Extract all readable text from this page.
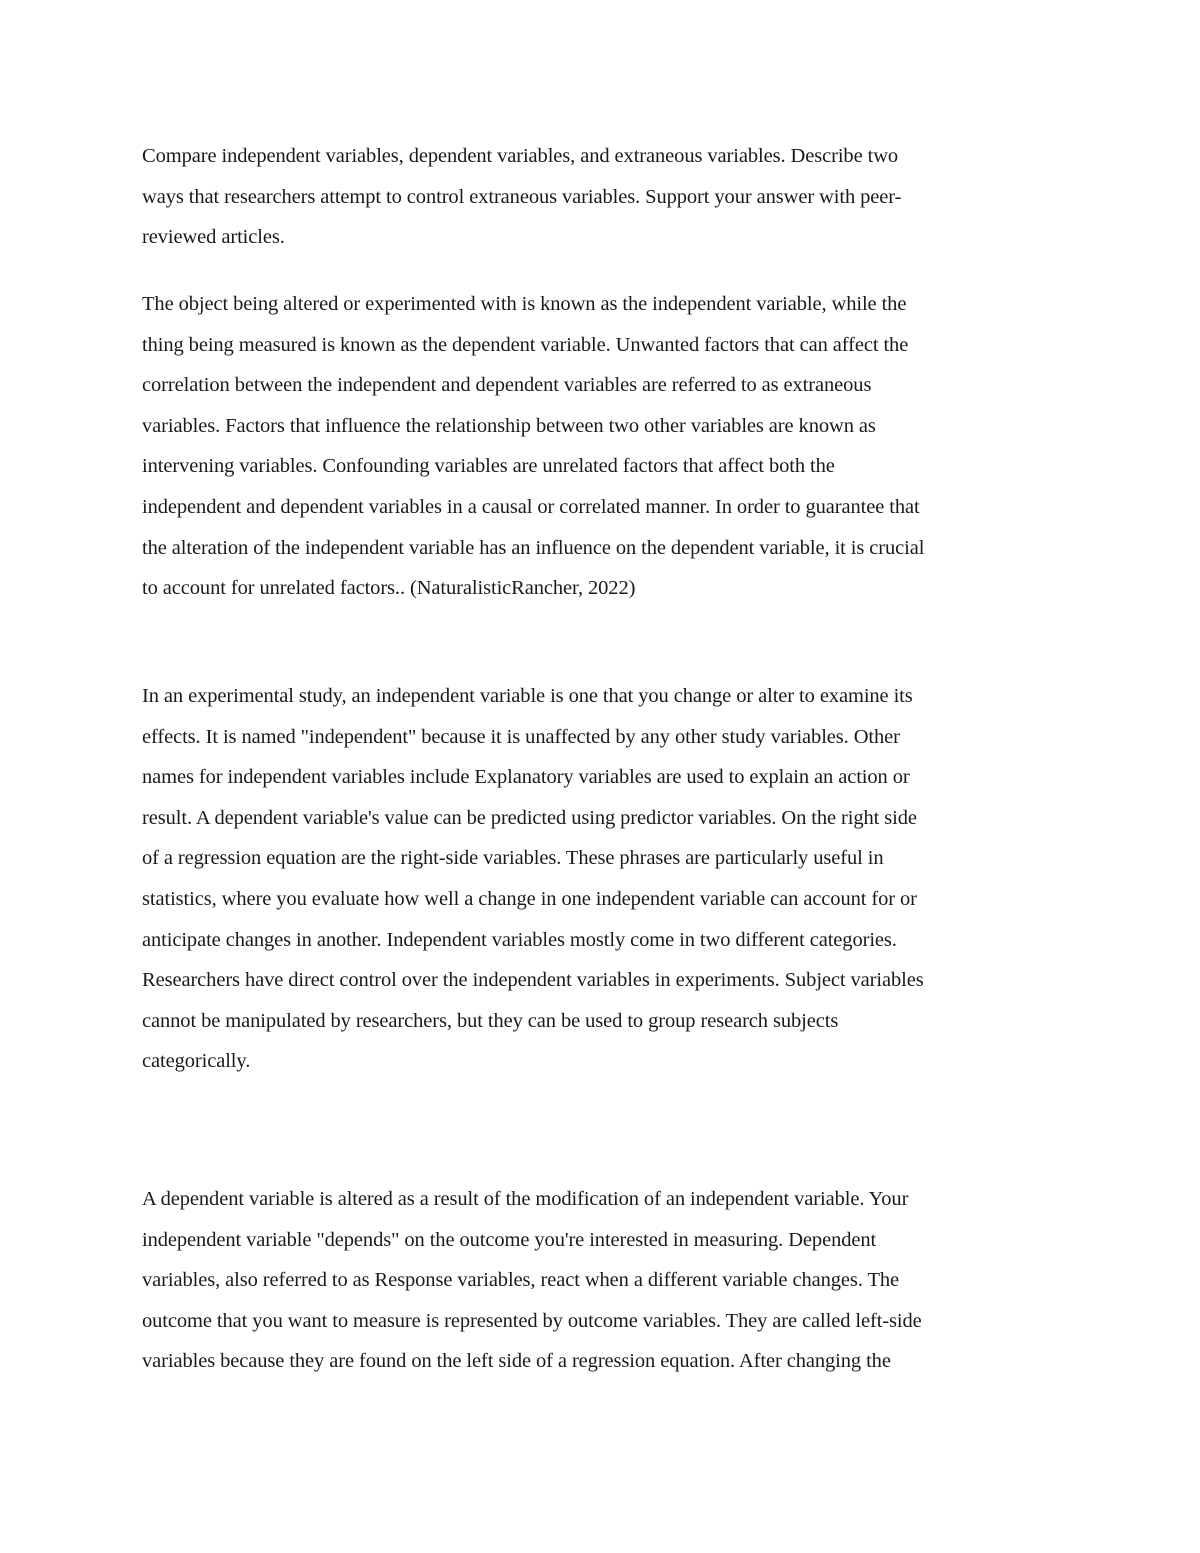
Compare independent variables, dependent variables, and extraneous variables. Describe two
ways that researchers attempt to control extraneous variables. Support your answer with peer-
reviewed articles.

The object being altered or experimented with is known as the independent variable, while the
thing being measured is known as the dependent variable. Unwanted factors that can affect the
correlation between the independent and dependent variables are referred to as extraneous
variables. Factors that influence the relationship between two other variables are known as
intervening variables. Confounding variables are unrelated factors that affect both the
independent and dependent variables in a causal or correlated manner. In order to guarantee that
the alteration of the independent variable has an influence on the dependent variable, it is crucial
to account for unrelated factors.. (NaturalisticRancher, 2022)

In an experimental study, an independent variable is one that you change or alter to examine its
effects. It is named "independent" because it is unaffected by any other study variables. Other
names for independent variables include Explanatory variables are used to explain an action or
result. A dependent variable's value can be predicted using predictor variables. On the right side
of a regression equation are the right-side variables. These phrases are particularly useful in
statistics, where you evaluate how well a change in one independent variable can account for or
anticipate changes in another. Independent variables mostly come in two different categories.
Researchers have direct control over the independent variables in experiments. Subject variables
cannot be manipulated by researchers, but they can be used to group research subjects
categorically.

A dependent variable is altered as a result of the modification of an independent variable. Your
independent variable "depends" on the outcome you're interested in measuring. Dependent
variables, also referred to as Response variables, react when a different variable changes. The
outcome that you want to measure is represented by outcome variables. They are called left-side
variables because they are found on the left side of a regression equation. After changing the
